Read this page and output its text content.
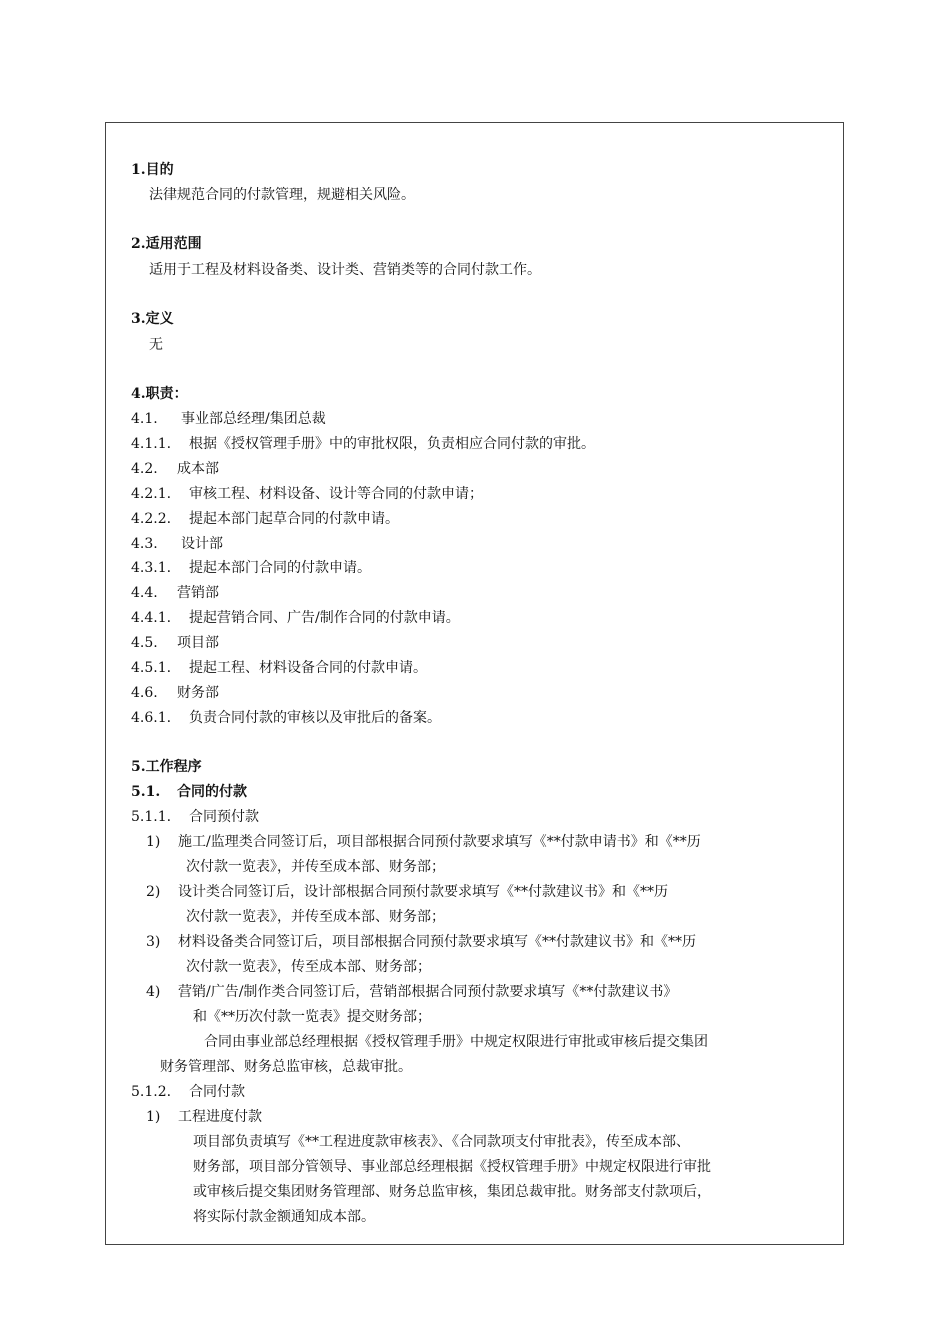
1.目的
法律规范合同的付款管理，规避相关风险。
2.适用范围
适用于工程及材料设备类、设计类、营销类等的合同付款工作。
3.定义
无
4.职责：
4.1. 事业部总经理/集团总裁
4.1.1. 根据《授权管理手册》中的审批权限，负责相应合同付款的审批。
4.2. 成本部
4.2.1. 审核工程、材料设备、设计等合同的付款申请；
4.2.2. 提起本部门起草合同的付款申请。
4.3. 设计部
4.3.1. 提起本部门合同的付款申请。
4.4. 营销部
4.4.1. 提起营销合同、广告/制作合同的付款申请。
4.5. 项目部
4.5.1. 提起工程、材料设备合同的付款申请。
4.6. 财务部
4.6.1. 负责合同付款的审核以及审批后的备案。
5.工作程序
5.1. 合同的付款
5.1.1. 合同预付款
1) 施工/监理类合同签订后，项目部根据合同预付款要求填写《**付款申请书》和《**历
次付款一览表》，并传至成本部、财务部；
2) 设计类合同签订后，设计部根据合同预付款要求填写《**付款建议书》和《**历
次付款一览表》，并传至成本部、财务部；
3) 材料设备类合同签订后，项目部根据合同预付款要求填写《**付款建议书》和《**历
次付款一览表》，传至成本部、财务部；
4) 营销/广告/制作类合同签订后，营销部根据合同预付款要求填写《**付款建议书》
和《**历次付款一览表》提交财务部；
合同由事业部总经理根据《授权管理手册》中规定权限进行审批或审核后提交集团
财务管理部、财务总监审核，总裁审批。
5.1.2. 合同付款
1) 工程进度付款
项目部负责填写《**工程进度款审核表》、《合同款项支付审批表》，传至成本部、
财务部，项目部分管领导、事业部总经理根据《授权管理手册》中规定权限进行审批
或审核后提交集团财务管理部、财务总监审核，集团总裁审批。财务部支付款项后，
将实际付款金额通知成本部。
